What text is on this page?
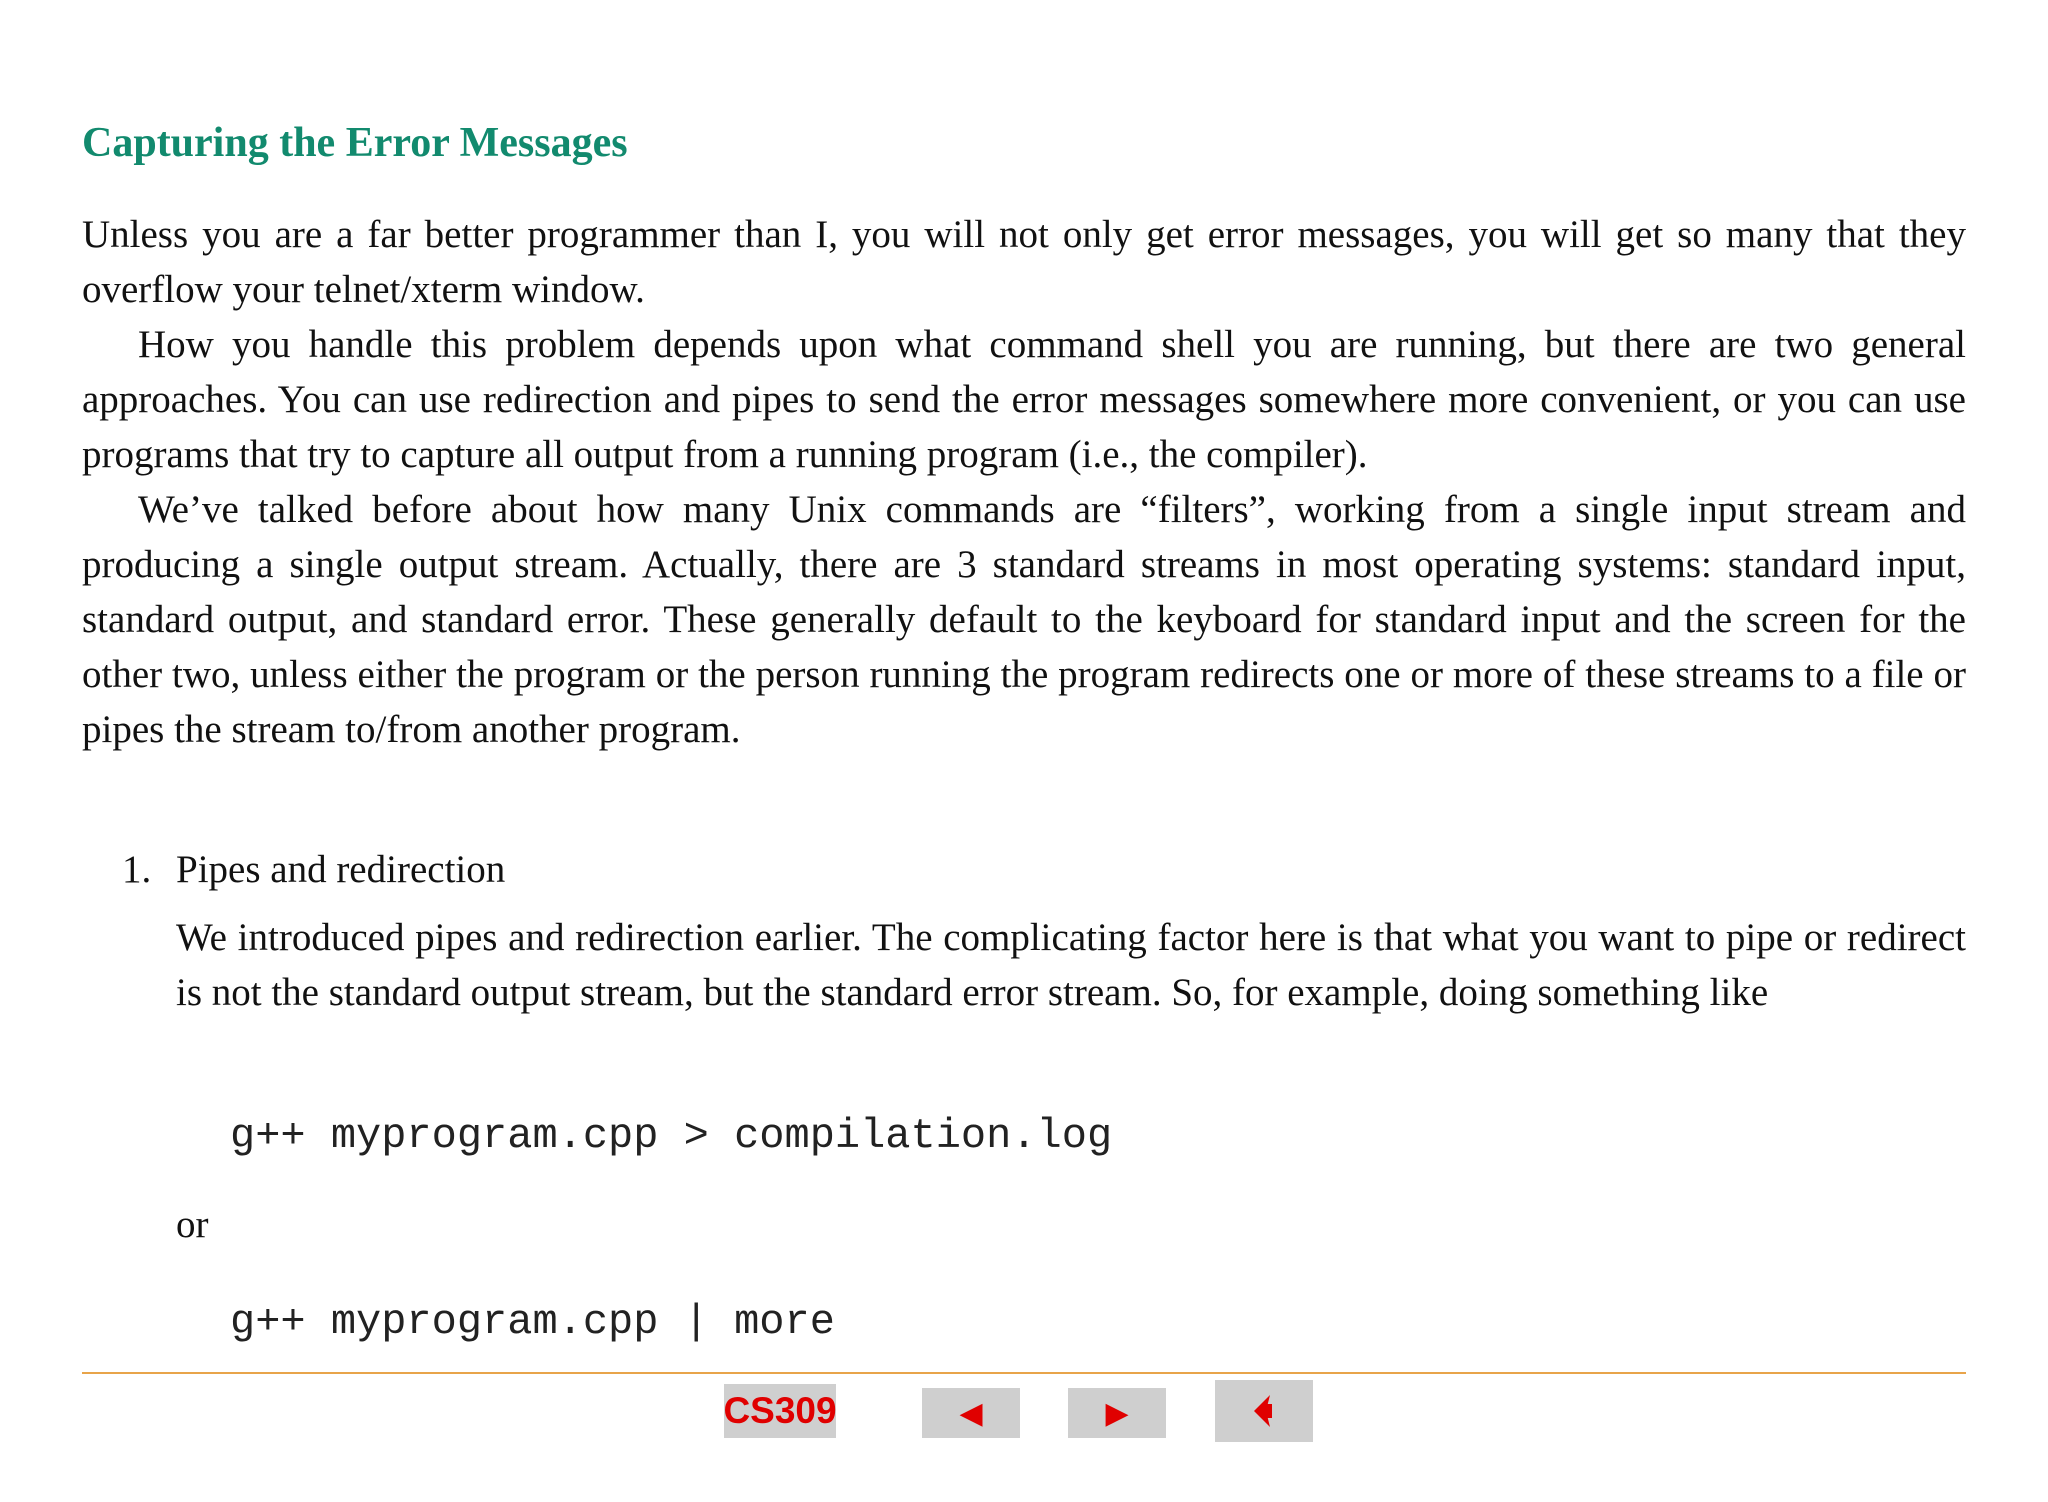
Capturing the Error Messages

Unless you are a far better programmer than I, you will not only get error messages, you will get so many that they overflow your telnet/xterm window.

How you handle this problem depends upon what command shell you are running, but there are two general approaches. You can use redirection and pipes to send the error messages somewhere more convenient, or you can use programs that try to capture all output from a running program (i.e., the compiler).

We’ve talked before about how many Unix commands are “filters”, working from a single input stream and producing a single output stream. Actually, there are 3 standard streams in most operating systems: standard input, standard output, and standard error. These generally default to the keyboard for standard input and the screen for the other two, unless either the program or the person running the program redirects one or more of these streams to a file or pipes the stream to/from another program.

1. Pipes and redirection

We introduced pipes and redirection earlier. The complicating factor here is that what you want to pipe or redirect is not the standard output stream, but the standard error stream. So, for example, doing something like

g++ myprogram.cpp > compilation.log
or
g++ myprogram.cpp | more
CS309	◀	▶
